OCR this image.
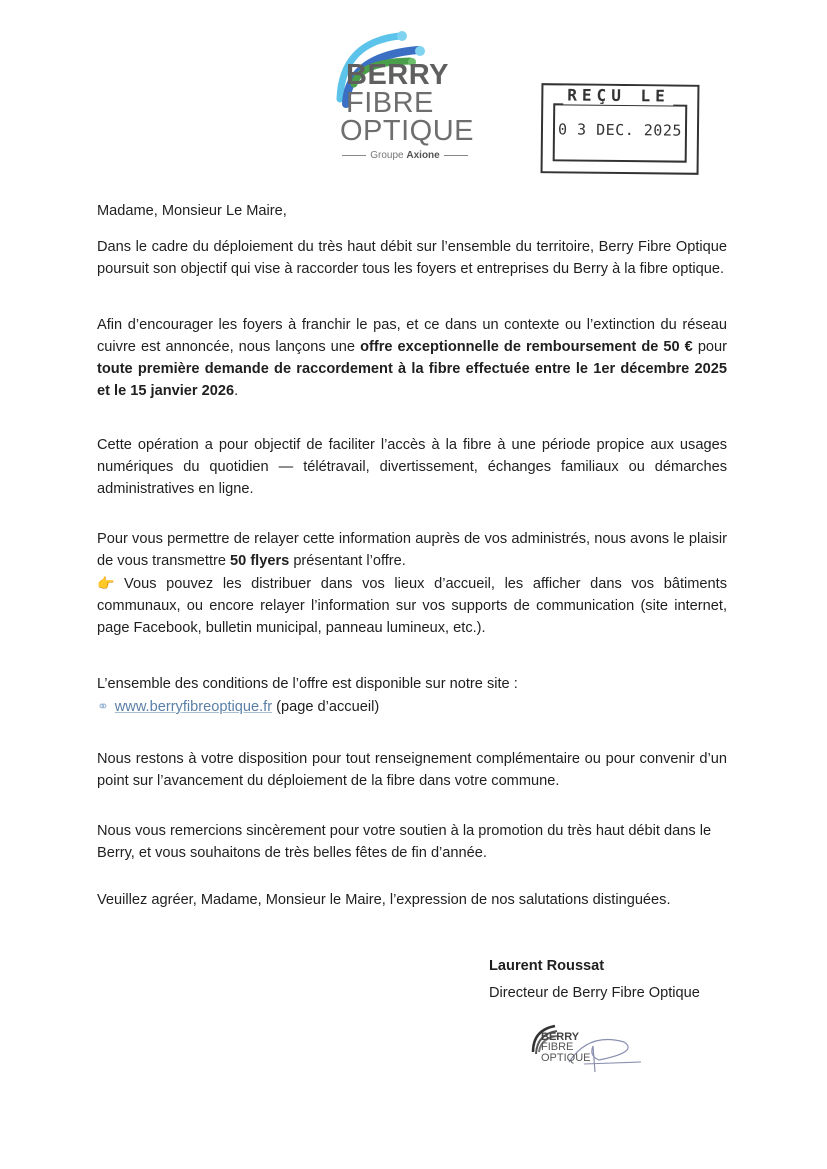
BERRY
FIBRE
OPTIQUE
Groupe Axione
0 3 DEC. 2025
REÇU LE

Madame, Monsieur Le Maire,

Dans le cadre du déploiement du très haut débit sur l’ensemble du territoire, Berry Fibre Optique poursuit son objectif qui vise à raccorder tous les foyers et entreprises du Berry à la fibre optique.

Afin d’encourager les foyers à franchir le pas, et ce dans un contexte ou l’extinction du réseau cuivre est annoncée, nous lançons une offre exceptionnelle de remboursement de 50 € pour toute première demande de raccordement à la fibre effectuée entre le 1er décembre 2025 et le 15 janvier 2026.

Cette opération a pour objectif de faciliter l’accès à la fibre à une période propice aux usages numériques du quotidien — télétravail, divertissement, échanges familiaux ou démarches administratives en ligne.

Pour vous permettre de relayer cette information auprès de vos administrés, nous avons le plaisir de vous transmettre 50 flyers présentant l’offre.
👉 Vous pouvez les distribuer dans vos lieux d’accueil, les afficher dans vos bâtiments communaux, ou encore relayer l’information sur vos supports de communication (site internet, page Facebook, bulletin municipal, panneau lumineux, etc.).

L’ensemble des conditions de l’offre est disponible sur notre site :
⚭ www.berryfibreoptique.fr (page d’accueil)

Nous restons à votre disposition pour tout renseignement complémentaire ou pour convenir d’un point sur l’avancement du déploiement de la fibre dans votre commune.

Nous vous remercions sincèrement pour votre soutien à la promotion du très haut débit dans le Berry, et vous souhaitons de très belles fêtes de fin d’année.

Veuillez agréer, Madame, Monsieur le Maire, l’expression de nos salutations distinguées.

Laurent Roussat
Directeur de Berry Fibre Optique
BERRY
FIBRE
OPTIQUE
